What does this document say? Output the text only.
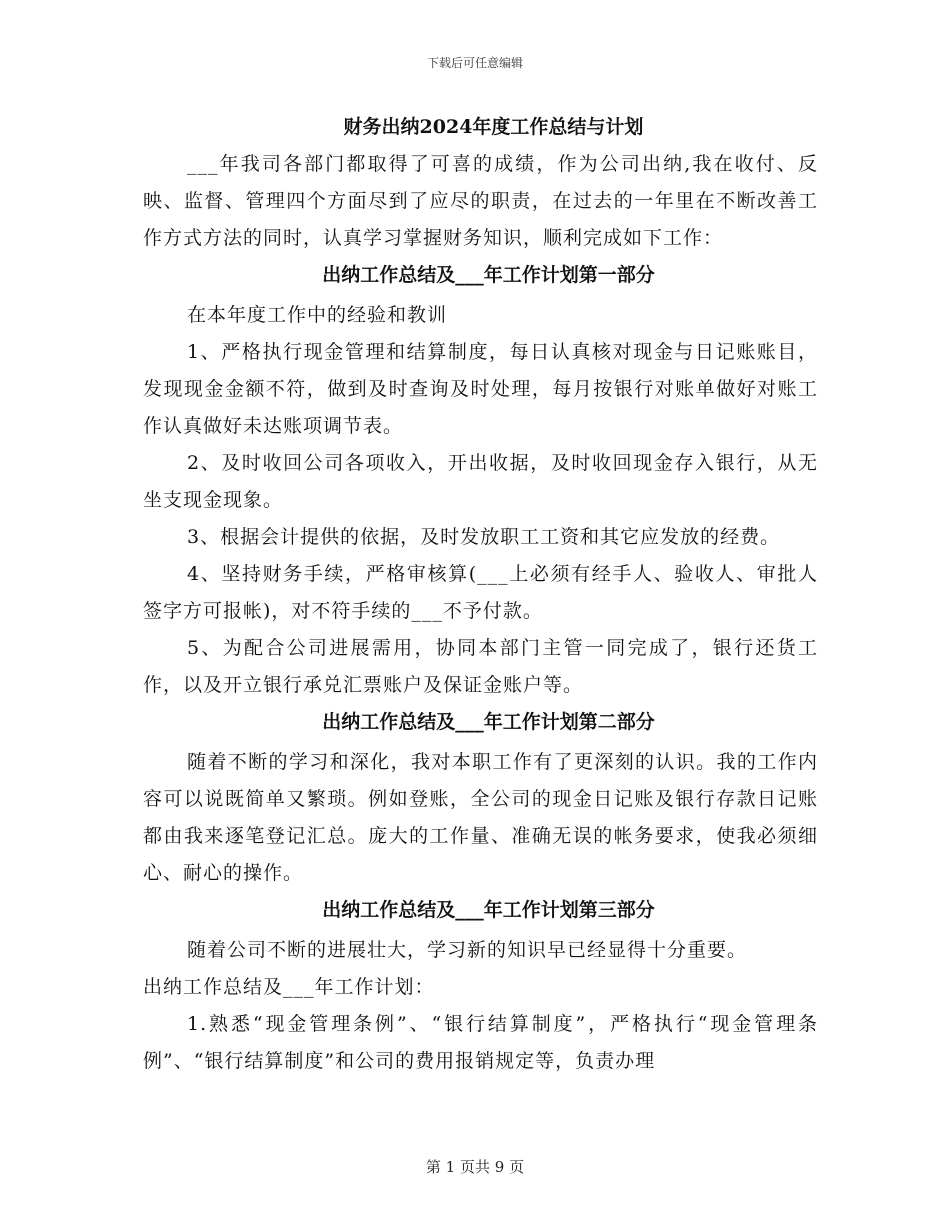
下载后可任意编辑
财务出纳2024年度工作总结与计划

___年我司各部门都取得了可喜的成绩，作为公司出纳,我在收付、反映、监督、管理四个方面尽到了应尽的职责，在过去的一年里在不断改善工作方式方法的同时，认真学习掌握财务知识，顺利完成如下工作：

出纳工作总结及___年工作计划第一部分

在本年度工作中的经验和教训

1、严格执行现金管理和结算制度，每日认真核对现金与日记账账目，发现现金金额不符，做到及时查询及时处理，每月按银行对账单做好对账工作认真做好未达账项调节表。

2、及时收回公司各项收入，开出收据，及时收回现金存入银行，从无坐支现金现象。

3、根据会计提供的依据，及时发放职工工资和其它应发放的经费。

4、坚持财务手续，严格审核算(___上必须有经手人、验收人、审批人签字方可报帐)，对不符手续的___不予付款。

5、为配合公司进展需用，协同本部门主管一同完成了，银行还货工作，以及开立银行承兑汇票账户及保证金账户等。

出纳工作总结及___年工作计划第二部分

随着不断的学习和深化，我对本职工作有了更深刻的认识。我的工作内容可以说既简单又繁琐。例如登账，全公司的现金日记账及银行存款日记账都由我来逐笔登记汇总。庞大的工作量、准确无误的帐务要求，使我必须细心、耐心的操作。

出纳工作总结及___年工作计划第三部分

随着公司不断的进展壮大，学习新的知识早已经显得十分重要。

出纳工作总结及___年工作计划：

1.熟悉“现金管理条例”、“银行结算制度”，严格执行“现金管理条例”、“银行结算制度”和公司的费用报销规定等，负责办理

第 1 页共 9 页
